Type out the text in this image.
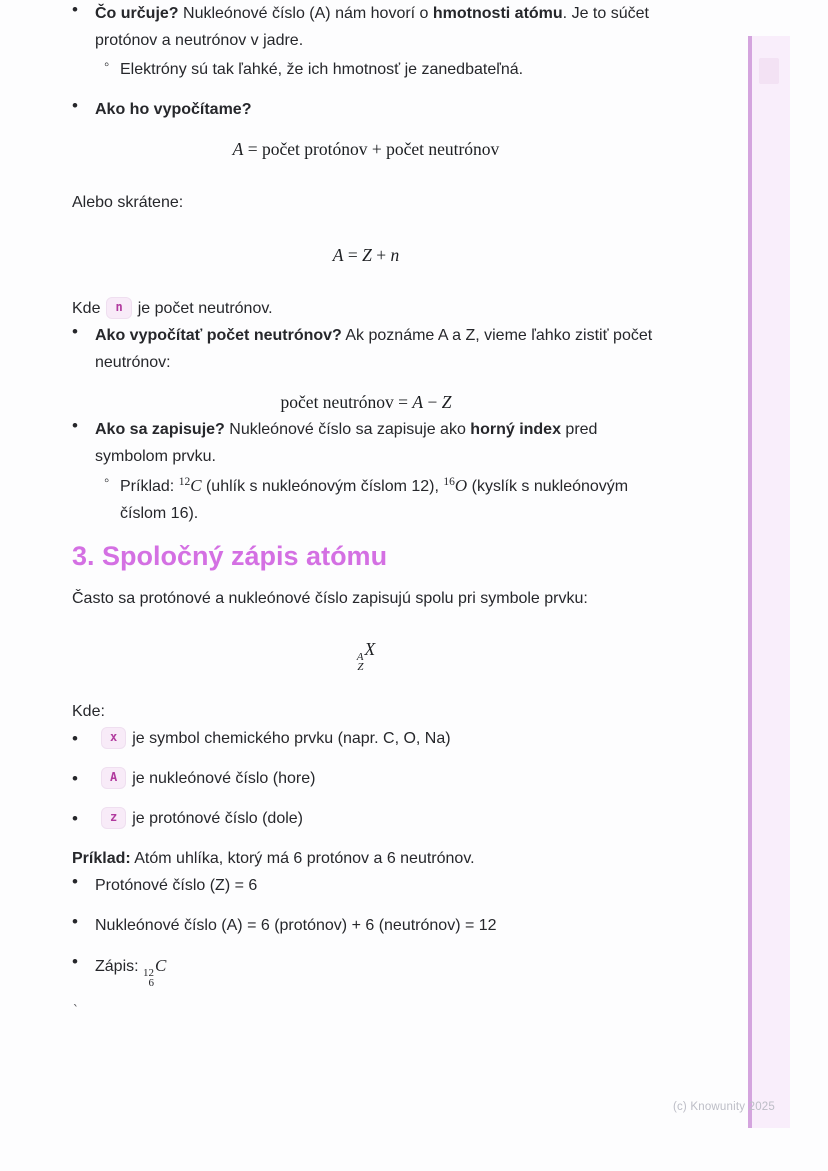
•

Čo určuje? Nukleónové číslo (A) nám hovorí o hmotnosti atómu. Je to súčet protónov a neutrónov v jadre.

◦

Elektróny sú tak ľahké, že ich hmotnosť je zanedbateľná.

•

Ako ho vypočítame?

A = počet protónov + počet neutrónov

Alebo skrátene:

A = Z + n

Kde n je počet neutrónov.

•

Ako vypočítať počet neutrónov? Ak poznáme A a Z, vieme ľahko zistiť počet neutrónov:

počet neutrónov = A − Z
•

Ako sa zapisuje? Nukleónové číslo sa zapisuje ako horný index pred symbolom prvku.

◦

Príklad: $^{12}$C (uhlík s nukleónovým číslom 12), $^{16}$O (kyslík s nukleónovým číslom 16).

3. Spoločný zápis atómu

Často sa protónové a nukleónové číslo zapisujú spolu pri symbole prvku:

A
Z
X

Kde:

•

x je symbol chemického prvku (napr. C, O, Na)

•

A je nukleónové číslo (hore)

•

z je protónové číslo (dole)

Príklad: Atóm uhlíka, ktorý má 6 protónov a 6 neutrónov.

•

Protónové číslo (Z) = 6

•

Nukleónové číslo (A) = 6 (protónov) + 6 (neutrónov) = 12

•

Zápis: 12
6
C

`
(c) Knowunity 2025
